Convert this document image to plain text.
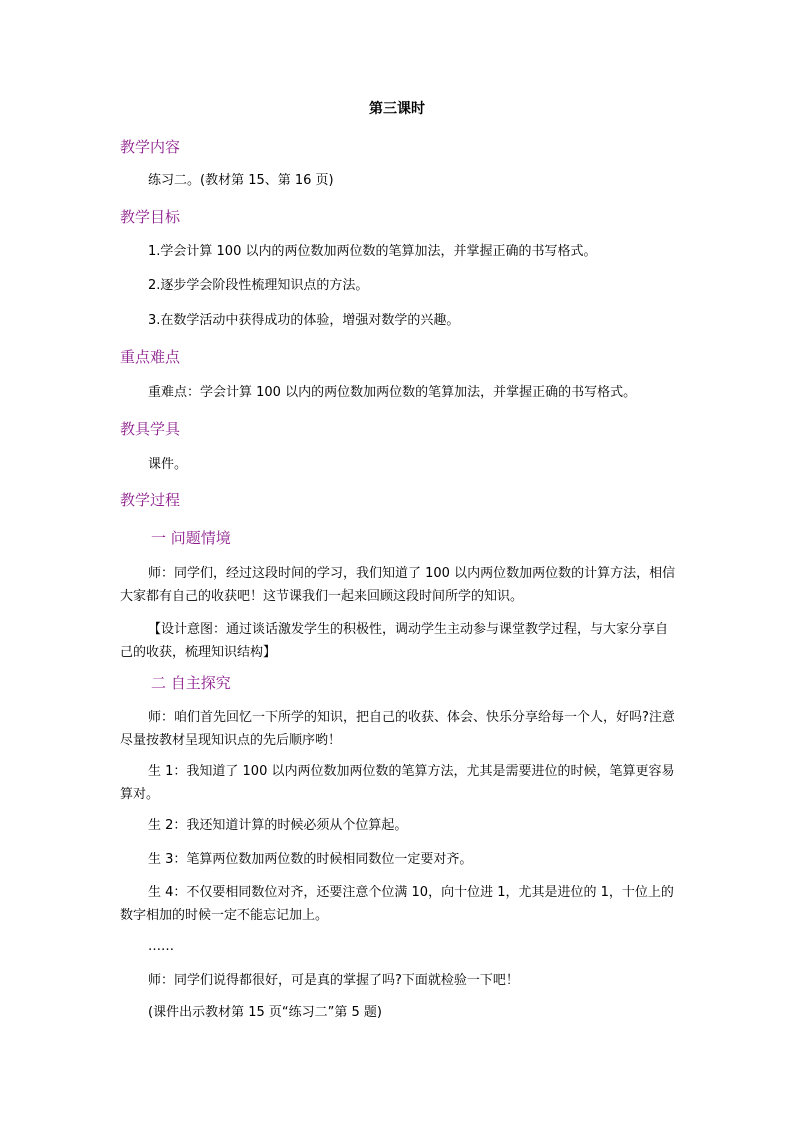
第三课时
教学内容
练习二。(教材第 15、第 16 页)
教学目标
1.学会计算 100 以内的两位数加两位数的笔算加法，并掌握正确的书写格式。
2.逐步学会阶段性梳理知识点的方法。
3.在数学活动中获得成功的体验，增强对数学的兴趣。
重点难点
重难点：学会计算 100 以内的两位数加两位数的笔算加法，并掌握正确的书写格式。
教具学具
课件。
教学过程
一 问题情境
师：同学们，经过这段时间的学习，我们知道了 100 以内两位数加两位数的计算方法，相信大家都有自己的收获吧！这节课我们一起来回顾这段时间所学的知识。
【设计意图：通过谈话激发学生的积极性，调动学生主动参与课堂教学过程，与大家分享自己的收获，梳理知识结构】
二 自主探究
师：咱们首先回忆一下所学的知识，把自己的收获、体会、快乐分享给每一个人，好吗?注意尽量按教材呈现知识点的先后顺序哟！
生 1：我知道了 100 以内两位数加两位数的笔算方法，尤其是需要进位的时候，笔算更容易算对。
生 2：我还知道计算的时候必须从个位算起。
生 3：笔算两位数加两位数的时候相同数位一定要对齐。
生 4：不仅要相同数位对齐，还要注意个位满 10，向十位进 1，尤其是进位的 1，十位上的数字相加的时候一定不能忘记加上。
……
师：同学们说得都很好，可是真的掌握了吗?下面就检验一下吧！
(课件出示教材第 15 页“练习二”第 5 题)
